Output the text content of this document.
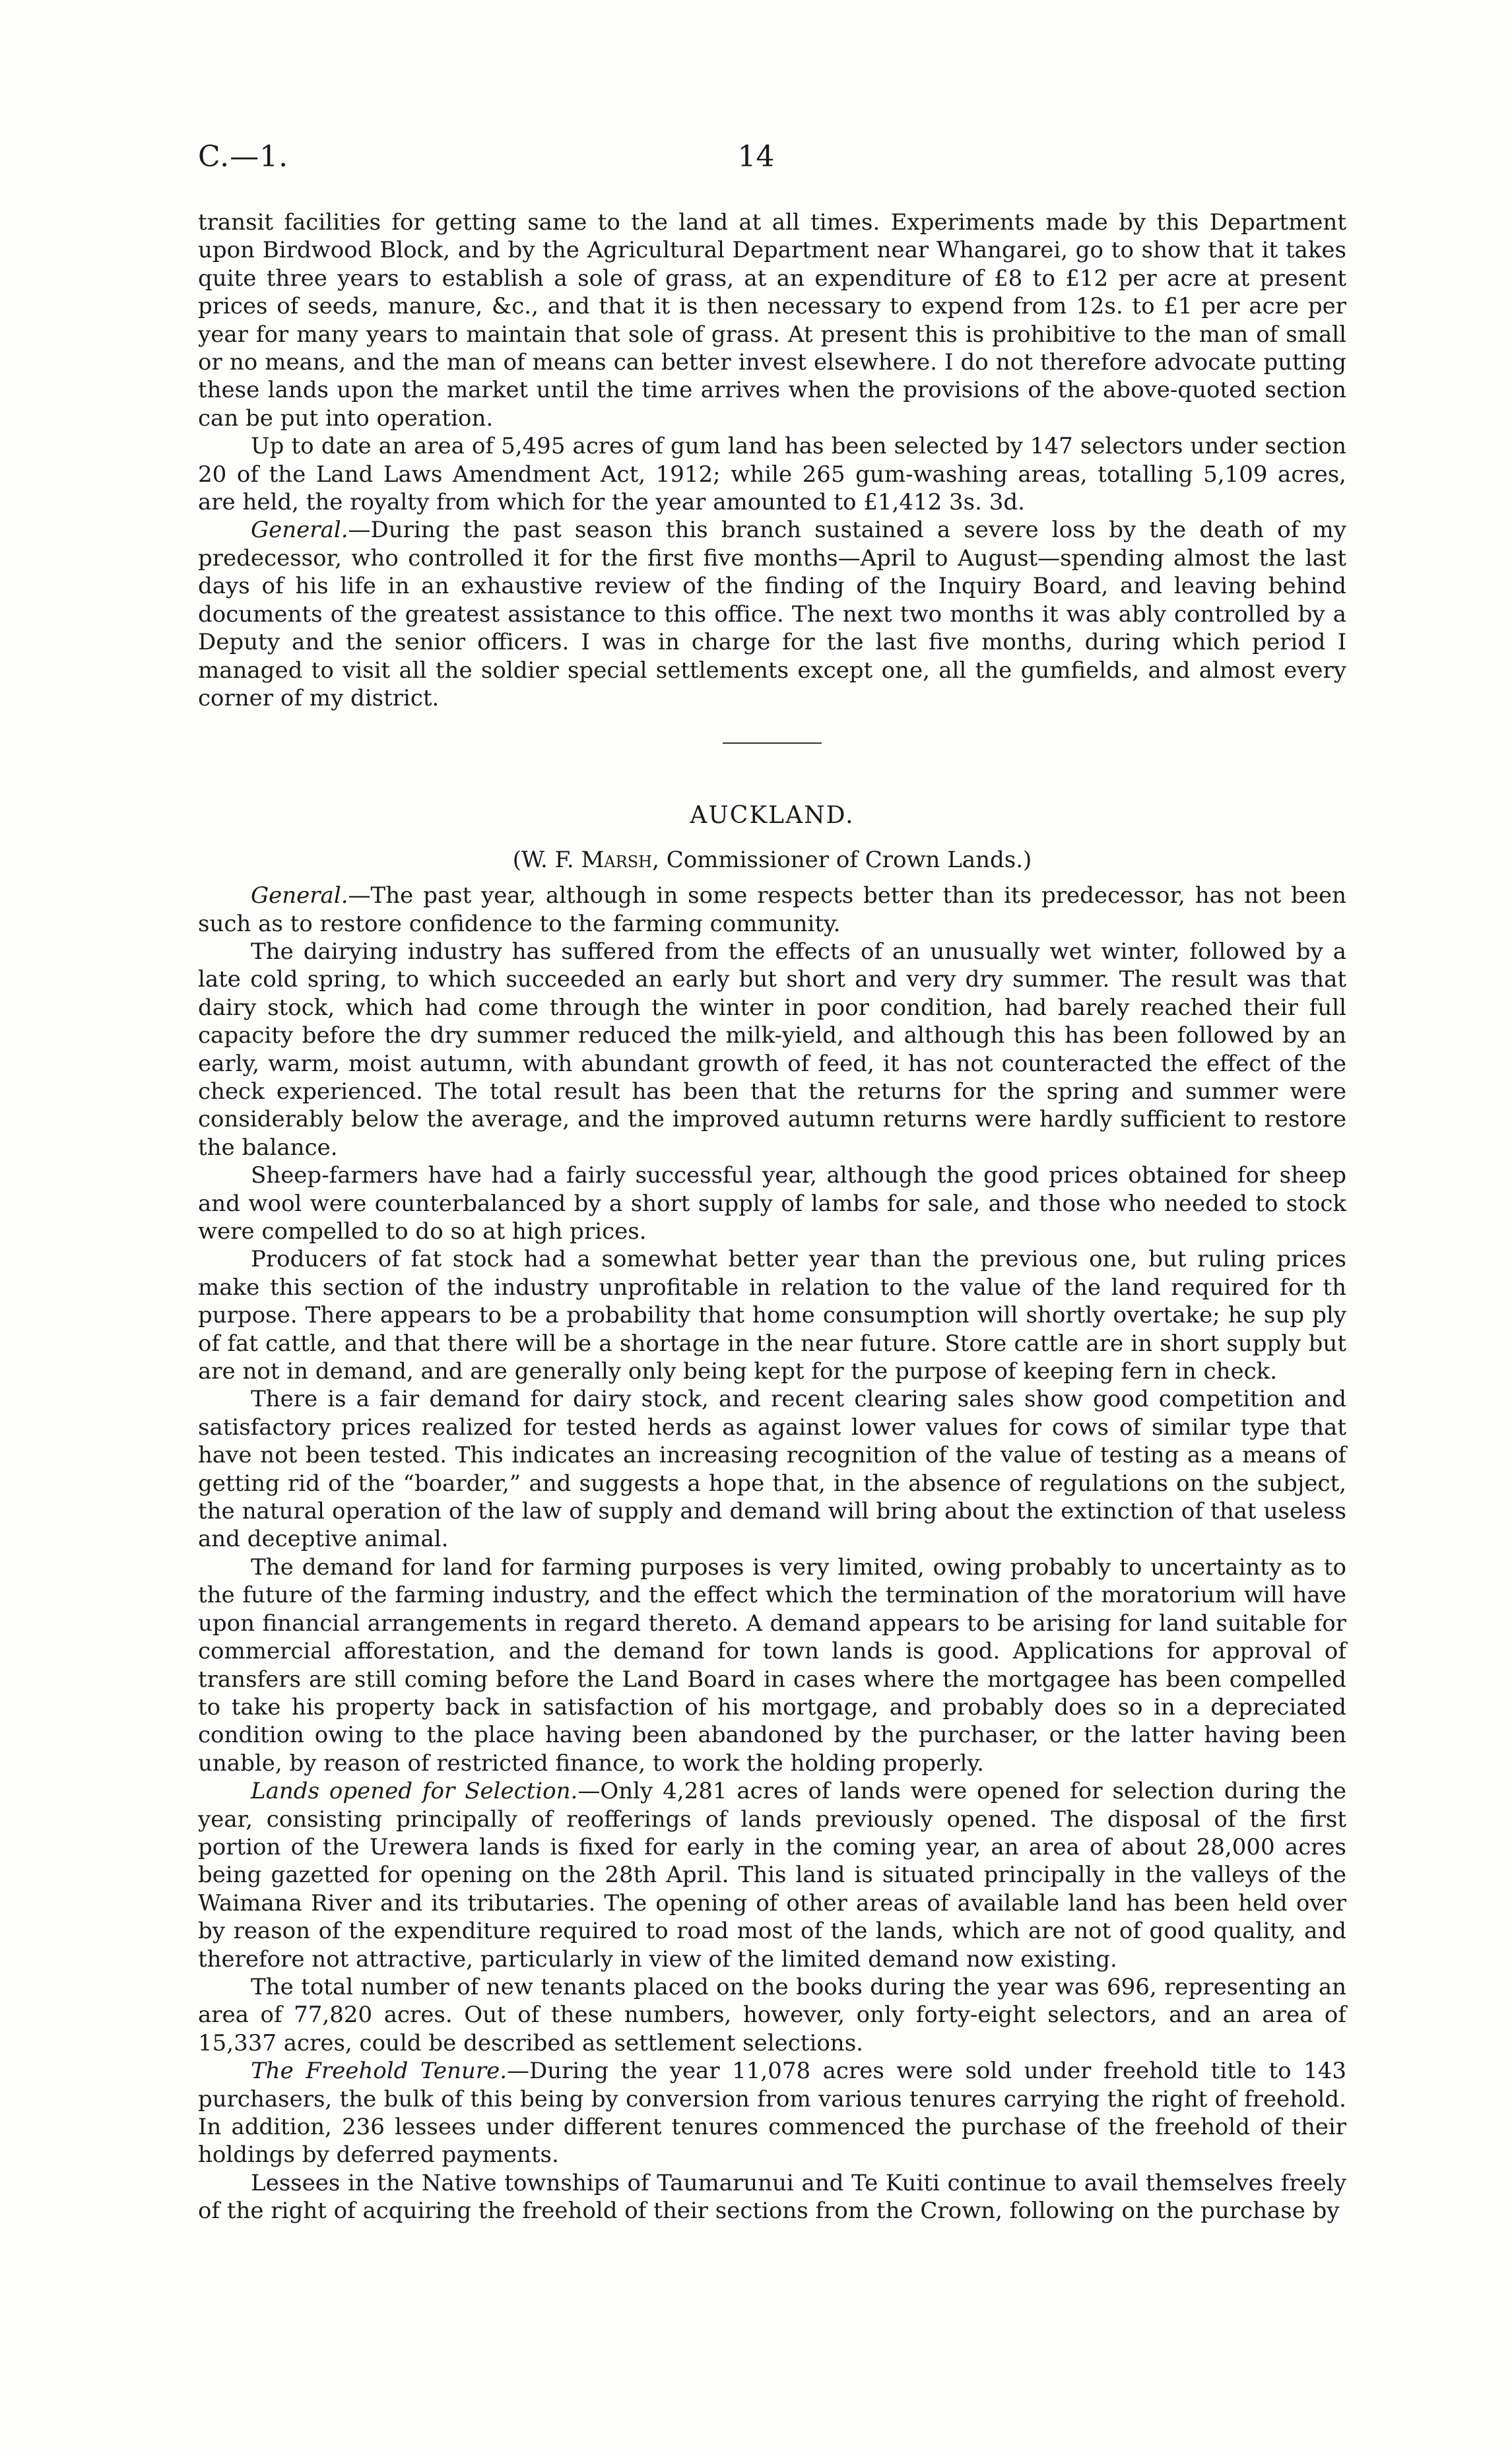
C.—1.	14

transit facilities for getting same to the land at all times. Experiments made by this Department upon Birdwood Block, and by the Agricultural Department near Whangarei, go to show that it takes quite three years to establish a sole of grass, at an expenditure of £8 to £12 per acre at present prices of seeds, manure, &c., and that it is then necessary to expend from 12s. to £1 per acre per year for many years to maintain that sole of grass. At present this is prohibitive to the man of small or no means, and the man of means can better invest elsewhere. I do not therefore advocate putting these lands upon the market until the time arrives when the provisions of the above-quoted section can be put into operation.

Up to date an area of 5,495 acres of gum land has been selected by 147 selectors under section 20 of the Land Laws Amendment Act, 1912; while 265 gum-washing areas, totalling 5,109 acres, are held, the royalty from which for the year amounted to £1,412 3s. 3d.

General.—During the past season this branch sustained a severe loss by the death of my predecessor, who controlled it for the first five months—April to August—spending almost the last days of his life in an exhaustive review of the finding of the Inquiry Board, and leaving behind documents of the greatest assistance to this office. The next two months it was ably controlled by a Deputy and the senior officers. I was in charge for the last five months, during which period I managed to visit all the soldier special settlements except one, all the gumfields, and almost every corner of my district.

AUCKLAND.
(W. F. Marsh, Commissioner of Crown Lands.)

General.—The past year, although in some respects better than its predecessor, has not been such as to restore confidence to the farming community.

The dairying industry has suffered from the effects of an unusually wet winter, followed by a late cold spring, to which succeeded an early but short and very dry summer. The result was that dairy stock, which had come through the winter in poor condition, had barely reached their full capacity before the dry summer reduced the milk-yield, and although this has been followed by an early, warm, moist autumn, with abundant growth of feed, it has not counteracted the effect of the check experienced. The total result has been that the returns for the spring and summer were considerably below the average, and the improved autumn returns were hardly sufficient to restore the balance.

Sheep-farmers have had a fairly successful year, although the good prices obtained for sheep and wool were counterbalanced by a short supply of lambs for sale, and those who needed to stock were compelled to do so at high prices.

Producers of fat stock had a somewhat better year than the previous one, but ruling prices make this section of the industry unprofitable in relation to the value of the land required for th purpose. There appears to be a probability that home consumption will shortly overtake; he sup ply of fat cattle, and that there will be a shortage in the near future. Store cattle are in short supply but are not in demand, and are generally only being kept for the purpose of keeping fern in check.

There is a fair demand for dairy stock, and recent clearing sales show good competition and satisfactory prices realized for tested herds as against lower values for cows of similar type that have not been tested. This indicates an increasing recognition of the value of testing as a means of getting rid of the “boarder,” and suggests a hope that, in the absence of regulations on the subject, the natural operation of the law of supply and demand will bring about the extinction of that useless and deceptive animal.

The demand for land for farming purposes is very limited, owing probably to uncertainty as to the future of the farming industry, and the effect which the termination of the moratorium will have upon financial arrangements in regard thereto. A demand appears to be arising for land suitable for commercial afforestation, and the demand for town lands is good. Applications for approval of transfers are still coming before the Land Board in cases where the mortgagee has been compelled to take his property back in satisfaction of his mortgage, and probably does so in a depreciated condition owing to the place having been abandoned by the purchaser, or the latter having been unable, by reason of restricted finance, to work the holding properly.

Lands opened for Selection.—Only 4,281 acres of lands were opened for selection during the year, consisting principally of reofferings of lands previously opened. The disposal of the first portion of the Urewera lands is fixed for early in the coming year, an area of about 28,000 acres being gazetted for opening on the 28th April. This land is situated principally in the valleys of the Waimana River and its tributaries. The opening of other areas of available land has been held over by reason of the expenditure required to road most of the lands, which are not of good quality, and therefore not attractive, particularly in view of the limited demand now existing.

The total number of new tenants placed on the books during the year was 696, representing an area of 77,820 acres. Out of these numbers, however, only forty-eight selectors, and an area of 15,337 acres, could be described as settlement selections.

The Freehold Tenure.—During the year 11,078 acres were sold under freehold title to 143 purchasers, the bulk of this being by conversion from various tenures carrying the right of freehold. In addition, 236 lessees under different tenures commenced the purchase of the freehold of their holdings by deferred payments.

Lessees in the Native townships of Taumarunui and Te Kuiti continue to avail themselves freely of the right of acquiring the freehold of their sections from the Crown, following on the purchase by
